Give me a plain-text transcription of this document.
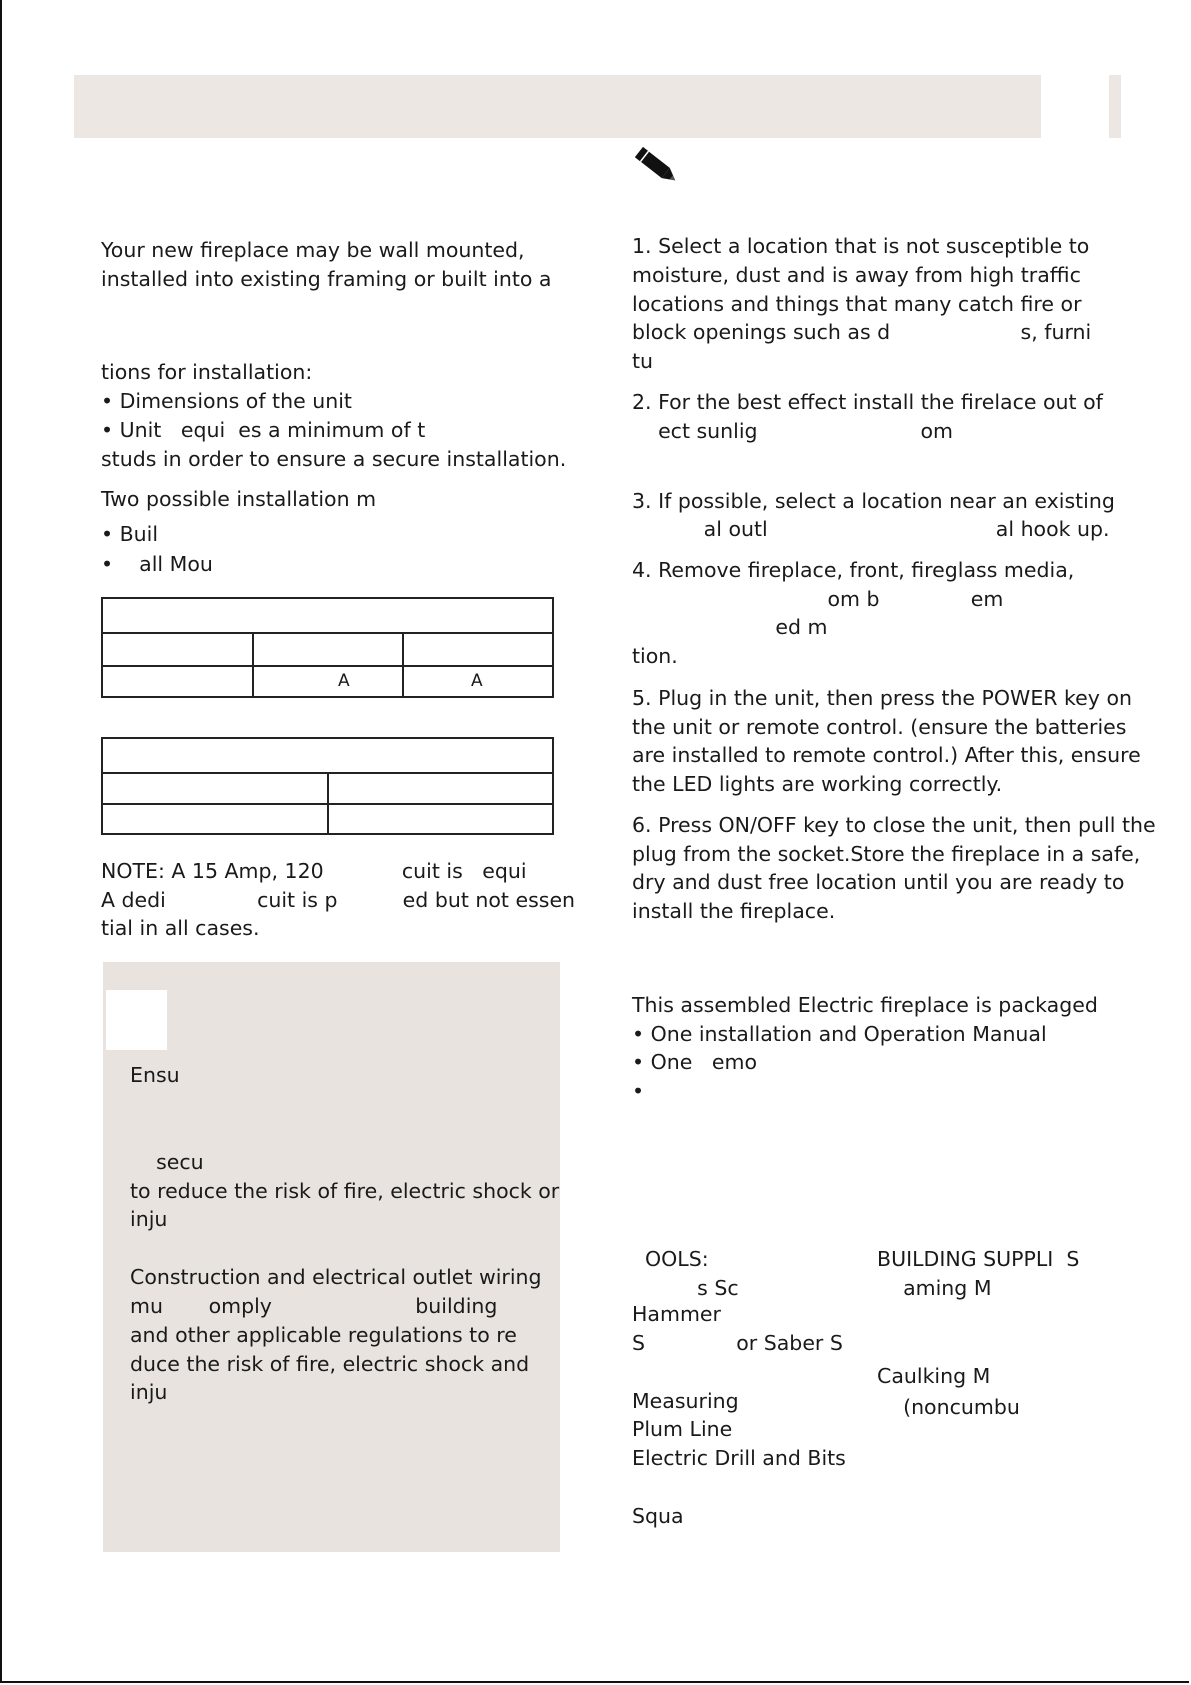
Your new fireplace may be wall mounted,
installed into existing framing or built into a
tions for installation:
• Dimensions of the unit
• Unit   equi  es a minimum of t
studs in order to ensure a secure installation.
Two possible installation m
• Buil
•    all Mou
A	A
NOTE: A 15 Amp, 120            cuit is   equi
A dedi              cuit is p          ed but not essen
tial in all cases.
Ensu
secu
to reduce the risk of fire, electric shock or
inju
Construction and electrical outlet wiring
mu       omply                      building
and other applicable regulations to re
duce the risk of fire, electric shock and
inju
1. Select a location that is not susceptible to
moisture, dust and is away from high traffic
locations and things that many catch fire or
block openings such as d                    s, furni
tu
2. For the best effect install the firelace out of
ect sunlig                         om
3. If possible, select a location near an existing
al outl                                   al hook up.
4. Remove fireplace, front, fireglass media,
om b              em
ed m
tion.
5. Plug in the unit, then press the POWER key on
the unit or remote control. (ensure the batteries
are installed to remote control.) After this, ensure
the LED lights are working correctly.
6. Press ON/OFF key to close the unit, then pull the
plug from the socket.Store the fireplace in a safe,
dry and dust free location until you are ready to
install the fireplace.
This assembled Electric fireplace is packaged
• One installation and Operation Manual
• One   emo
•
OOLS:	BUILDING SUPPLI  S
s Sc
Hammer
S              or Saber S
Measuring
Plum Line
Electric Drill and Bits
Squa
aming M
Caulking M
(noncumbu
